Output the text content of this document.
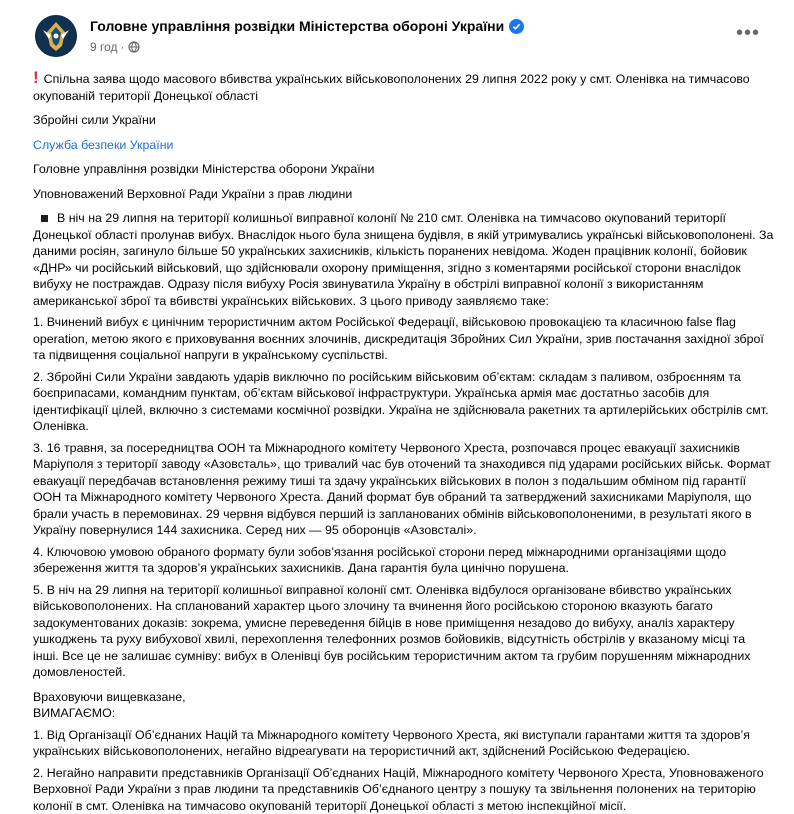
Головне управління розвідки Міністерства обороні України
9 год ·
•••

! Спільна заява щодо масового вбивства українських військовополонених 29 липня 2022 року у смт. Оленівка на тимчасово окупованій території Донецької області

Збройні сили України

Служба безпеки України

Головне управління розвідки Міністерства оборони України

Уповноважений Верховної Ради України з прав людини

В ніч на 29 липня на території колишньої виправної колонії № 210 смт. Оленівка на тимчасово окупований території Донецької області пролунав вибух. Внаслідок нього була знищена будівля, в якій утримувались українські військовополонені. За даними росіян, загинуло більше 50 українських захисників, кількість поранених невідома. Жоден працівник колонії, бойовик «ДНР» чи російський військовий, що здійснювали охорону приміщення, згідно з коментарями російської сторони внаслідок вибуху не постраждав. Одразу після вибуху Росія звинуватила Україну в обстрілі виправної колонії з використанням американської зброї та вбивстві українських військових. З цього приводу заявляємо таке:

1. Вчинений вибух є цинічним терористичним актом Російської Федерації, військовою провокацією та класичною false flag operation, метою якого є приховування воєнних злочинів, дискредитація Збройних Сил України, зрив постачання західної зброї та підвищення соціальної напруги в українському суспільстві.

2. Збройні Сили України завдають ударів виключно по російським військовим об’єктам: складам з паливом, озброєнням та боєприпасами, командним пунктам, об’єктам військової інфраструктури. Українська армія має достатньо засобів для ідентифікації цілей, включно з системами космічної розвідки. Україна не здійснювала ракетних та артилерійських обстрілів смт. Оленівка.

3. 16 травня, за посередництва ООН та Міжнародного комітету Червоного Хреста, розпочався процес евакуації захисників Маріуполя з території заводу «Азовсталь», що тривалий час був оточений та знаходився під ударами російських військ. Формат евакуації передбачав встановлення режиму тиші та здачу українських військових в полон з подальшим обміном під гарантії ООН та Міжнародного комітету Червоного Хреста. Даний формат був обраний та затверджений захисниками Маріуполя, що брали участь в перемовинах. 29 червня відбувся перший із запланованих обмінів військовополоненими, в результаті якого в Україну повернулися 144 захисника. Серед них — 95 оборонців «Азовсталі».

4. Ключовою умовою обраного формату були зобов’язання російської сторони перед міжнародними організаціями щодо збереження життя та здоров’я українських захисників. Дана гарантія була цинічно порушена.

5. В ніч на 29 липня на території колишньої виправної колонії смт. Оленівка відбулося організоване вбивство українських військовополонених. На спланований характер цього злочину та вчинення його російською стороною вказують багато задокументованих доказів: зокрема, умисне переведення бійців в нове приміщення незадово до вибуху, аналіз характеру ушкоджень та руху вибухової хвилі, перехоплення телефонних розмов бойовиків, відсутність обстрілів у вказаному місці та інші. Все це не залишає сумніву: вибух в Оленівці був російським терористичним актом та грубим порушенням міжнародних домовленостей.

Враховуючи вищевказане,
ВИМАГАЄМО:

1. Від Організації Об’єднаних Націй та Міжнародного комітету Червоного Хреста, які виступали гарантами життя та здоров’я українських військовополонених, негайно відреагувати на терористичний акт, здійснений Російською Федерацією.

2. Негайно направити представників Організації Об’єднаних Націй, Міжнародного комітету Червоного Хреста, Уповноваженого Верховної Ради України з прав людини та представників Об’єднаного центру з пошуку та звільнення полонених на територію колонії в смт. Оленівка на тимчасово окупованій території Донецької області з метою інспекційної місії.
